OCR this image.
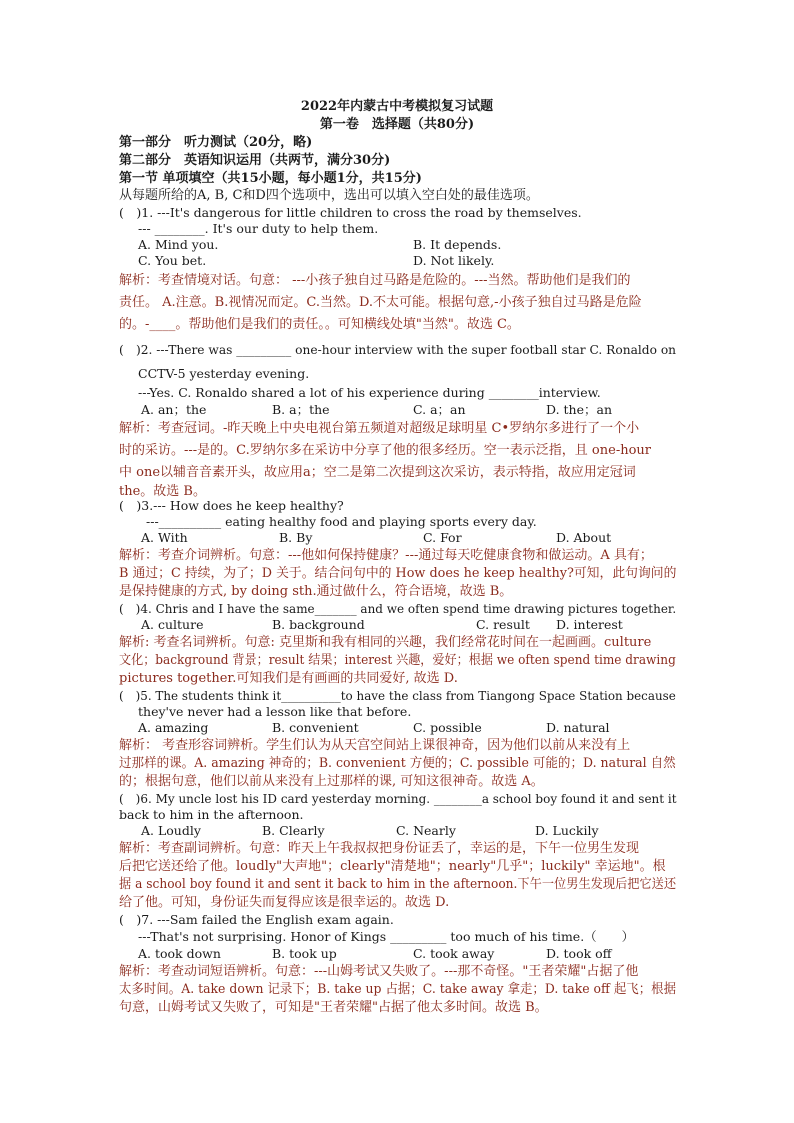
2022年内蒙古中考模拟复习试题
第一卷　选择题（共80分)
第一部分　听力测试（20分，略)
第二部分　英语知识运用（共两节，满分30分)
第一节 单项填空（共15小题，每小题1分，共15分)
从每题所给的A, B, C和D四个选项中，选出可以填入空白处的最佳选项。
(　)1. ---It's dangerous for little children to cross the road by themselves.
--- ________. It's our duty to help them.
A. Mind you.	B. It depends.
C. You bet.	D. Not likely.
解析：考查情境对话。句意： ---小孩子独自过马路是危险的。---当然。帮助他们是我们的
责任。 A.注意。B.视情况而定。C.当然。D.不太可能。根据句意,-小孩子独自过马路是危险
的。-____。帮助他们是我们的责任。。可知横线处填"当然"。故选 C。
(　)2. ---There was _________ one-hour interview with the super football star C. Ronaldo on
CCTV-5 yesterday evening.
---Yes. C. Ronaldo shared a lot of his experience during ________interview.
A. an；the	B. a；the	C. a；an	D. the；an
解析：考查冠词。-昨天晚上中央电视台第五频道对超级足球明星 C•罗纳尔多进行了一个小
时的采访。---是的。C.罗纳尔多在采访中分享了他的很多经历。空一表示泛指，且 one-hour
中 one以辅音音素开头，故应用a；空二是第二次提到这次采访，表示特指，故应用定冠词
the。故选 B。
(　)3.--- How does he keep healthy?
---__________ eating healthy food and playing sports every day.
A. With	B. By	C. For	D. About
解析：考查介词辨析。句意：---他如何保持健康？---通过每天吃健康食物和做运动。A 具有；
B 通过；C 持续，为了；D 关于。结合问句中的 How does he keep healthy?可知，此句询问的
是保持健康的方式, by doing sth.通过做什么，符合语境，故选 B。
(　)4. Chris and I have the same_______ and we often spend time drawing pictures together.
A. culture	B. background	C. result D. interest
解析: 考查名词辨析。句意: 克里斯和我有相同的兴趣，我们经常花时间在一起画画。culture
文化；background 背景；result 结果；interest 兴趣，爱好；根据 we often spend time drawing
pictures together.可知我们是有画画的共同爱好, 故选 D.
(　)5. The students think it__________to have the class from Tiangong Space Station because
they've never had a lesson like that before.
A. amazing	B. convenient	C. possible	D. natural
解析： 考查形容词辨析。学生们认为从天宫空间站上课很神奇，因为他们以前从来没有上
过那样的课。A. amazing 神奇的；B. convenient 方便的；C. possible 可能的；D. natural 自然
的；根据句意，他们以前从来没有上过那样的课, 可知这很神奇。故选 A。
(　)6. My uncle lost his ID card yesterday morning. ________a school boy found it and sent it
back to him in the afternoon.
A. Loudly	B. Clearly	C. Nearly	D. Luckily
解析：考查副词辨析。句意：昨天上午我叔叔把身份证丢了，幸运的是，下午一位男生发现
后把它送还给了他。loudly"大声地"；clearly"清楚地"；nearly"几乎"；luckily" 幸运地"。根
据 a school boy found it and sent it back to him in the afternoon.下午一位男生发现后把它送还
给了他。可知，身份证失而复得应该是很幸运的。故选 D.
(　)7. ---Sam failed the English exam again.
---That's not surprising. Honor of Kings _________ too much of his time.（　　）
A. took down	B. took up	C. took away	D. took off
解析：考查动词短语辨析。句意：---山姆考试又失败了。---那不奇怪。"王者荣耀"占据了他
太多时间。A. take down 记录下；B. take up 占据；C. take away 拿走；D. take off 起飞；根据
句意，山姆考试又失败了，可知是"王者荣耀"占据了他太多时间。故选 B。
